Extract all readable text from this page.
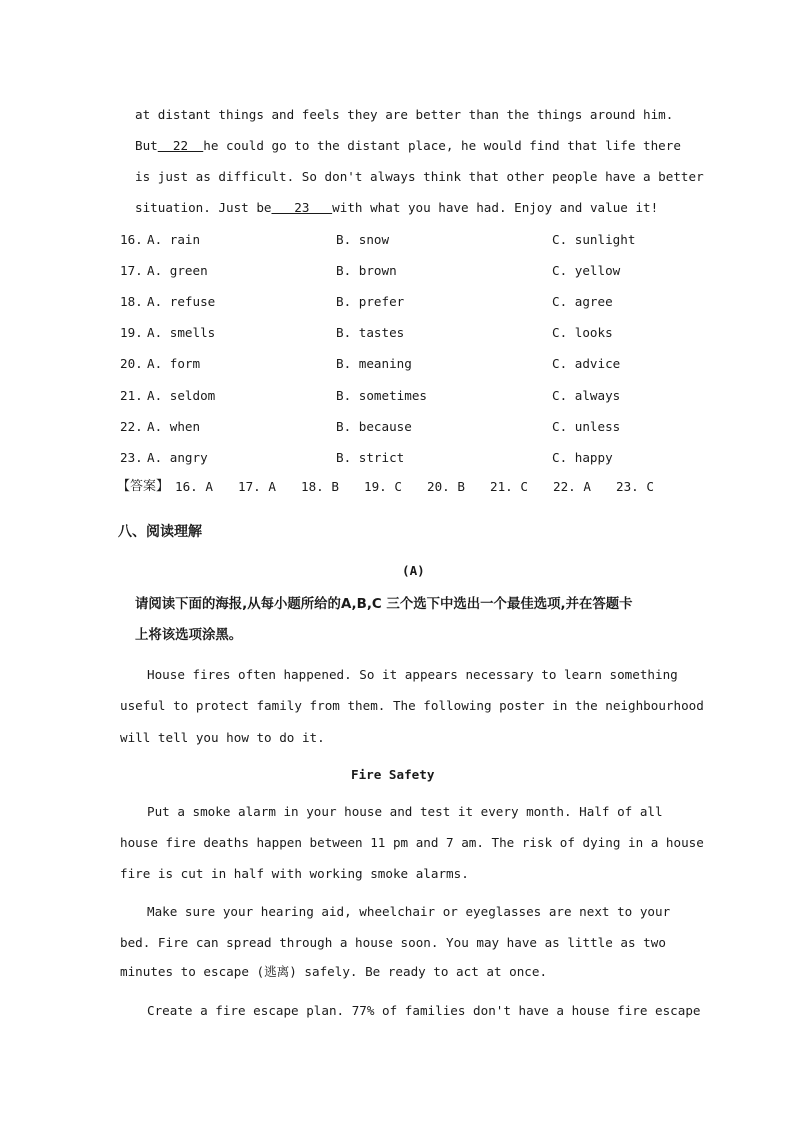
at distant things and feels they are better than the things around him.
But  22  he could go to the distant place, he would find that life there
is just as difficult. So don't always think that other people have a better
situation. Just be   23   with what you have had. Enjoy and value it!
16. A. rain	B. snow	C. sunlight
17. A. green	B. brown	C. yellow
18. A. refuse	B. prefer	C. agree
19. A. smells	B. tastes	C. looks
20. A. form	B. meaning	C. advice
21. A. seldom	B. sometimes	C. always
22. A. when	B. because	C. unless
23. A. angry	B. strict	C. happy
【答案】 16. A 17. A 18. B 19. C 20. B 21. C 22. A 23. C
八、阅读理解
(A)
请阅读下面的海报,从每小题所给的A,B,C 三个选下中选出一个最佳选项,并在答题卡
上将该选项涂黑。
House fires often happened. So it appears necessary to learn something
useful to protect family from them. The following poster in the neighbourhood
will tell you how to do it.
Fire Safety
Put a smoke alarm in your house and test it every month. Half of all
house fire deaths happen between 11 pm and 7 am. The risk of dying in a house
fire is cut in half with working smoke alarms.
Make sure your hearing aid, wheelchair or eyeglasses are next to your
bed. Fire can spread through a house soon. You may have as little as two
minutes to escape (逃离) safely. Be ready to act at once.
Create a fire escape plan. 77% of families don't have a house fire escape
